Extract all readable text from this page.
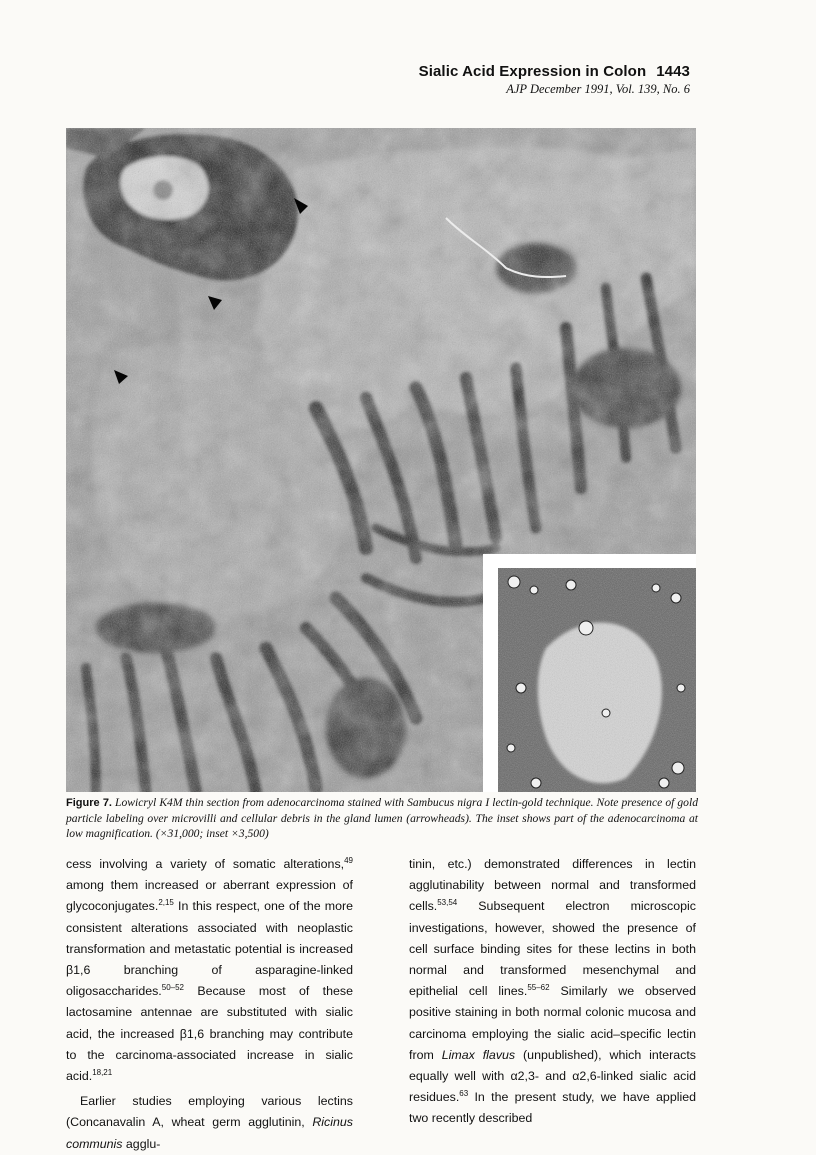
Sialic Acid Expression in Colon 1443
AJP December 1991, Vol. 139, No. 6
Figure 7. Lowicryl K4M thin section from adenocarcinoma stained with Sambucus nigra I lectin-gold technique. Note presence of gold particle labeling over microvilli and cellular debris in the gland lumen (arrowheads). The inset shows part of the adenocarcinoma at low magnification. (×31,000; inset ×3,500)

cess involving a variety of somatic alterations,$^{49}$ among them increased or aberrant expression of glycoconjugates.$^{2,15}$ In this respect, one of the more consistent alterations associated with neoplastic transformation and metastatic potential is increased β1,6 branching of asparagine-linked oligosaccharides.$^{50-52}$ Because most of these lactosamine antennae are substituted with sialic acid, the increased β1,6 branching may contribute to the carcinoma-associated increase in sialic acid.$^{18,21}$

Earlier studies employing various lectins (Concanavalin A, wheat germ agglutinin, Ricinus communis agglu-

tinin, etc.) demonstrated differences in lectin agglutinability between normal and transformed cells.$^{53,54}$ Subsequent electron microscopic investigations, however, showed the presence of cell surface binding sites for these lectins in both normal and transformed mesenchymal and epithelial cell lines.$^{55-62}$ Similarly we observed positive staining in both normal colonic mucosa and carcinoma employing the sialic acid–specific lectin from Limax flavus (unpublished), which interacts equally well with α2,3- and α2,6-linked sialic acid residues.$^{63}$ In the present study, we have applied two recently described
